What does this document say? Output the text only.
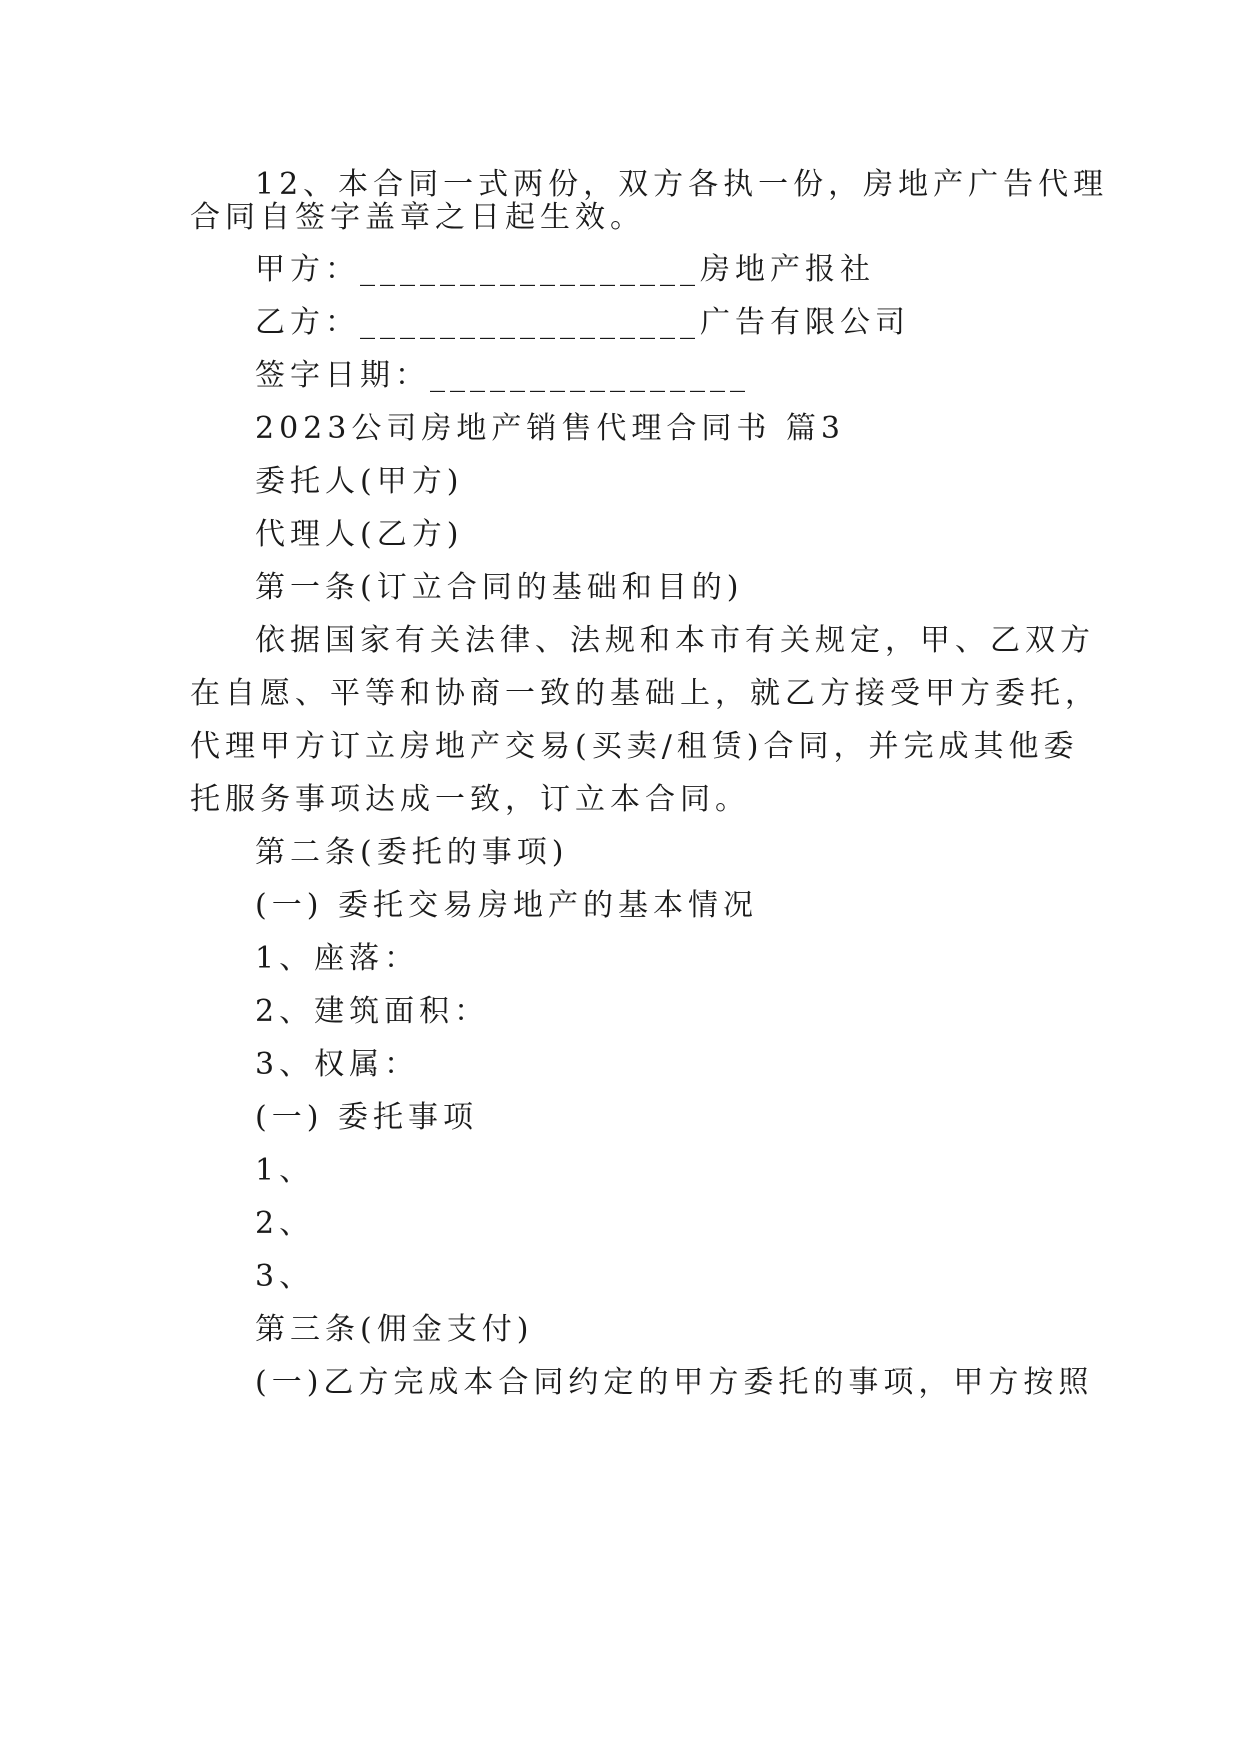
12、本合同一式两份，双方各执一份，房地产广告代理
合同自签字盖章之日起生效。
甲方：_________________房地产报社
乙方：_________________广告有限公司
签字日期：________________
2023公司房地产销售代理合同书 篇3
委托人(甲方)
代理人(乙方)
第一条(订立合同的基础和目的)
依据国家有关法律、法规和本市有关规定，甲、乙双方
在自愿、平等和协商一致的基础上，就乙方接受甲方委托，
代理甲方订立房地产交易(买卖/租赁)合同，并完成其他委
托服务事项达成一致，订立本合同。
第二条(委托的事项)
(一) 委托交易房地产的基本情况
1、座落：
2、建筑面积：
3、权属：
(一) 委托事项
1、
2、
3、
第三条(佣金支付)
(一)乙方完成本合同约定的甲方委托的事项，甲方按照
